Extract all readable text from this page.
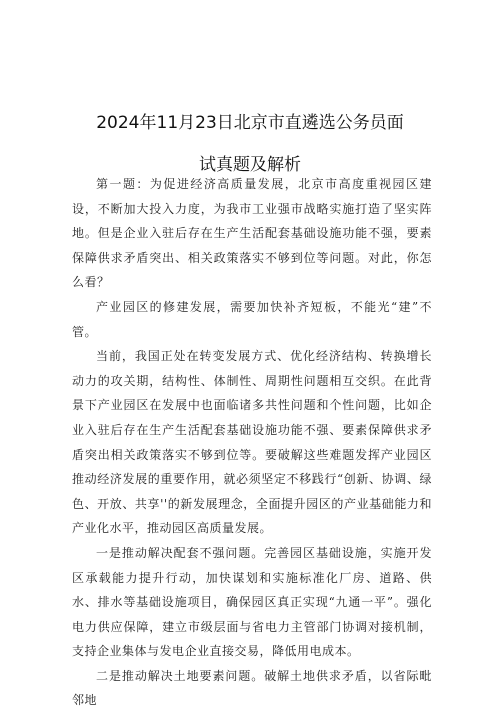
2024年11月23日北京市直遴选公务员面
试真题及解析

第一题：为促进经济高质量发展，北京市高度重视园区建设，不断加大投入力度，为我市工业强市战略实施打造了坚实阵地。但是企业入驻后存在生产生活配套基础设施功能不强，要素保障供求矛盾突出、相关政策落实不够到位等问题。对此，你怎么看？

产业园区的修建发展，需要加快补齐短板，不能光“建”不管。

当前，我国正处在转变发展方式、优化经济结构、转换增长动力的攻关期，结构性、体制性、周期性问题相互交织。在此背景下产业园区在发展中也面临诸多共性问题和个性问题，比如企业入驻后存在生产生活配套基础设施功能不强、要素保障供求矛盾突出相关政策落实不够到位等。要破解这些难题发挥产业园区推动经济发展的重要作用，就必须坚定不移践行“创新、协调、绿色、开放、共享''的新发展理念，全面提升园区的产业基础能力和产业化水平，推动园区高质量发展。

一是推动解决配套不强问题。完善园区基础设施，实施开发区承载能力提升行动，加快谋划和实施标准化厂房、道路、供水、排水等基础设施项目，确保园区真正实现“九通一平”。强化电力供应保障，建立市级层面与省电力主管部门协调对接机制，支持企业集体与发电企业直接交易，降低用电成本。

二是推动解决土地要素问题。破解土地供求矛盾，以省际毗邻地
